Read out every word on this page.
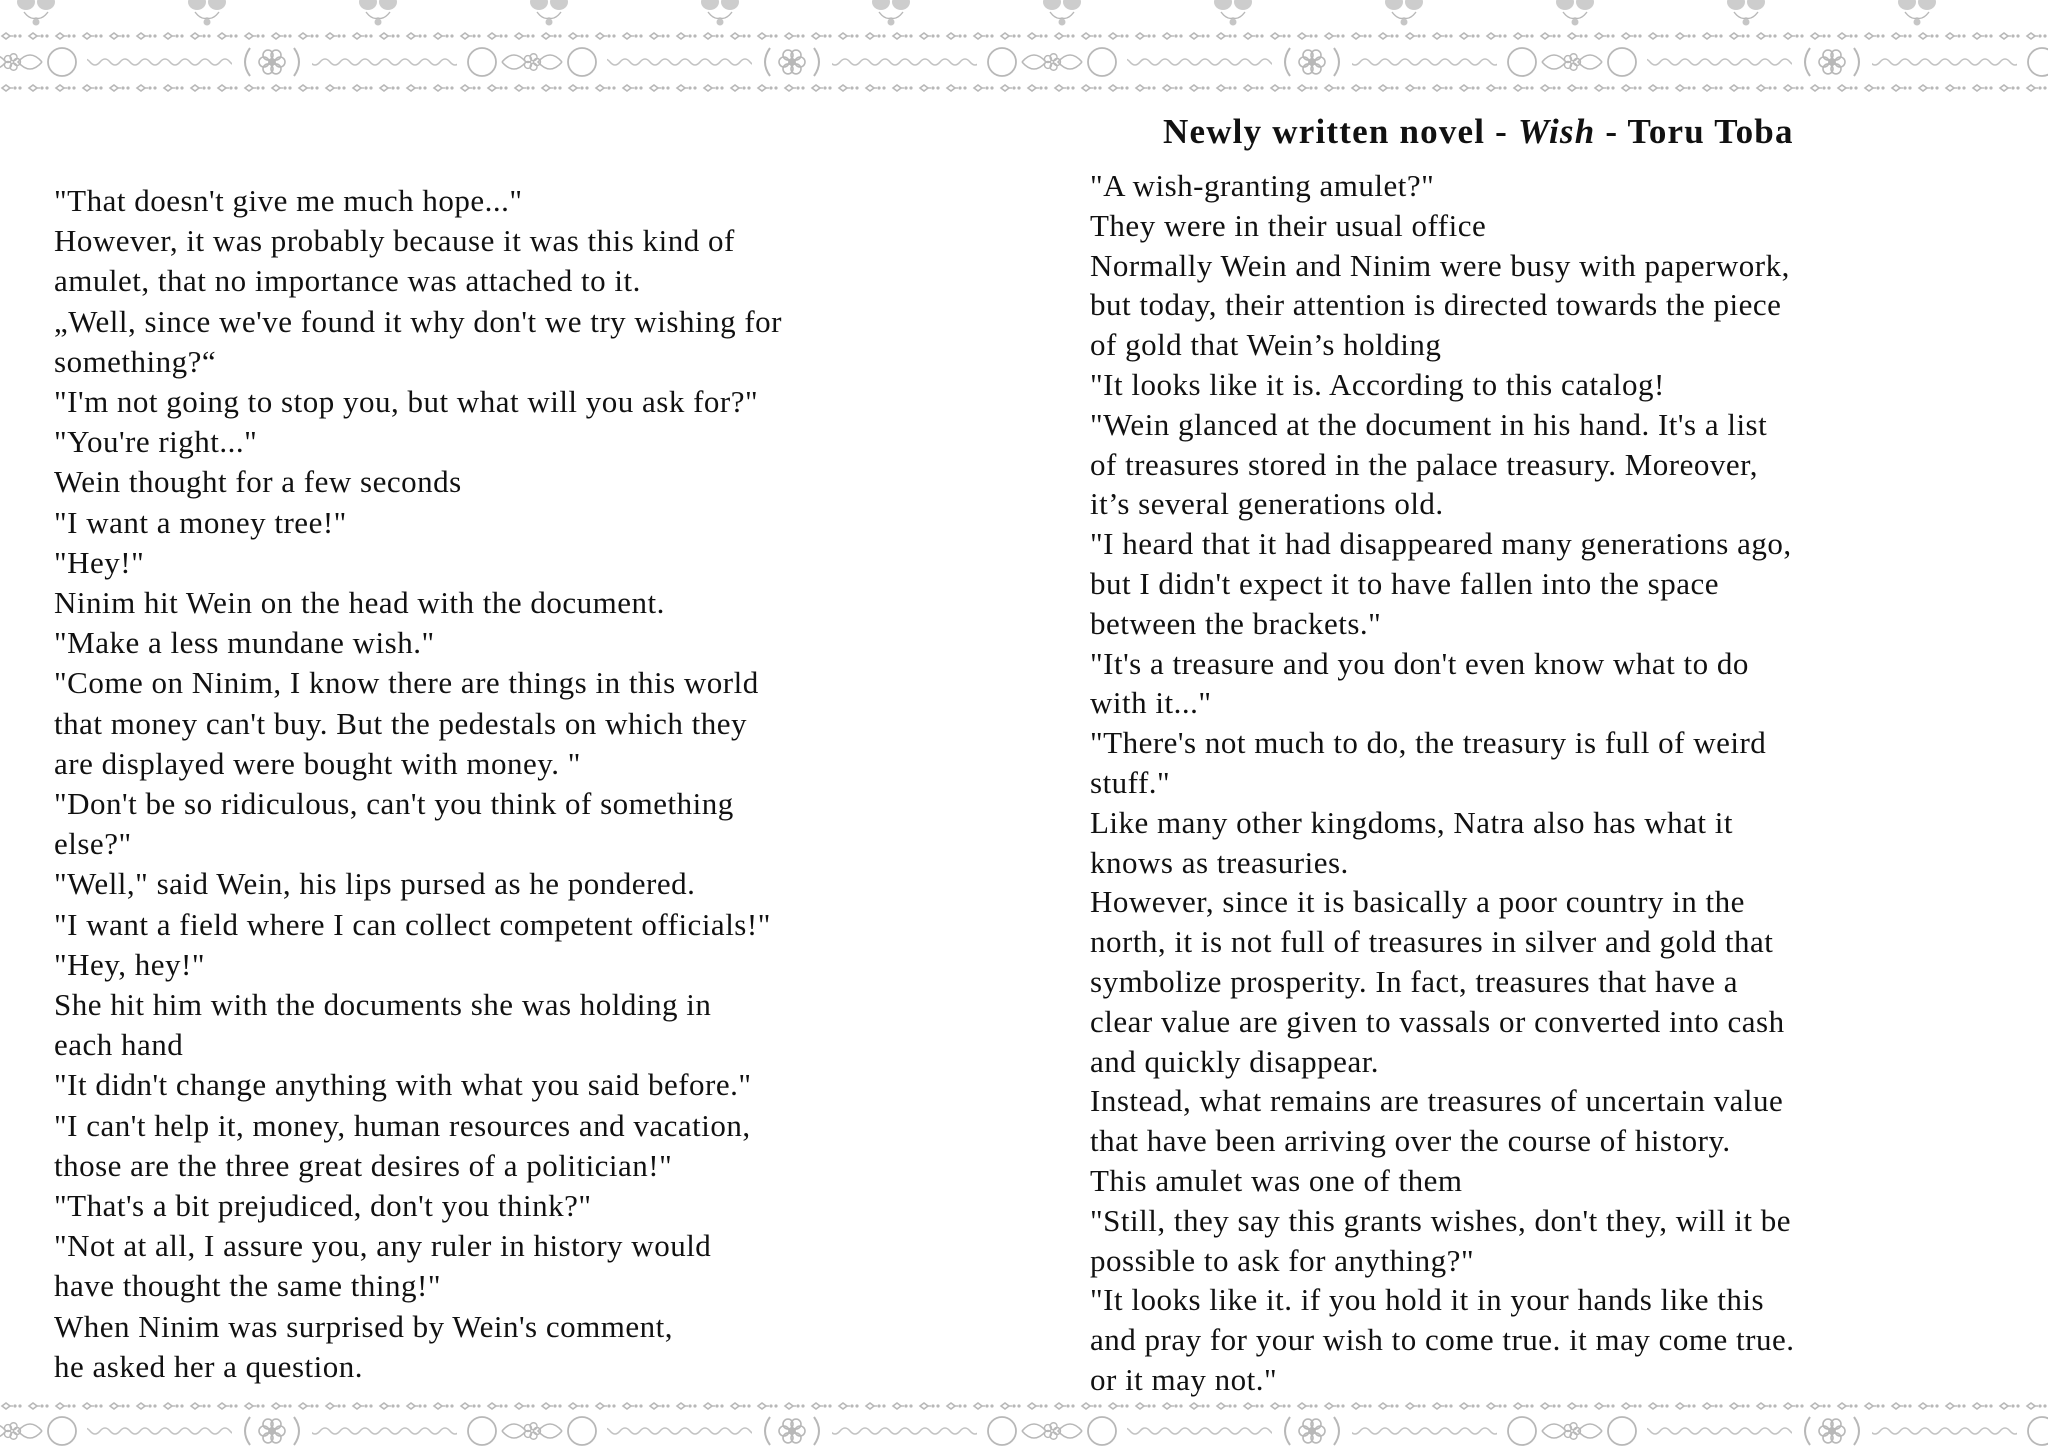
Newly written novel - Wish - Toru Toba
"That doesn't give me much hope..."
However, it was probably because it was this kind of
amulet, that no importance was attached to it.
„Well, since we've found it why don't we try wishing for
something?“
"I'm not going to stop you, but what will you ask for?"
"You're right..."
Wein thought for a few seconds
"I want a money tree!"
"Hey!"
Ninim hit Wein on the head with the document.
"Make a less mundane wish."
"Come on Ninim, I know there are things in this world
that money can't buy. But the pedestals on which they
are displayed were bought with money. "
"Don't be so ridiculous, can't you think of something
else?"
"Well," said Wein, his lips pursed as he pondered.
"I want a field where I can collect competent officials!"
"Hey, hey!"
She hit him with the documents she was holding in
each hand
"It didn't change anything with what you said before."
"I can't help it, money, human resources and vacation,
those are the three great desires of a politician!"
"That's a bit prejudiced, don't you think?"
"Not at all, I assure you, any ruler in history would
have thought the same thing!"
When Ninim was surprised by Wein's comment,
he asked her a question.
"A wish-granting amulet?"
They were in their usual office
Normally Wein and Ninim were busy with paperwork,
but today, their attention is directed towards the piece
of gold that Wein’s holding
"It looks like it is. According to this catalog!
"Wein glanced at the document in his hand. It's a list
of treasures stored in the palace treasury. Moreover,
it’s several generations old.
"I heard that it had disappeared many generations ago,
but I didn't expect it to have fallen into the space
between the brackets."
"It's a treasure and you don't even know what to do
with it..."
"There's not much to do, the treasury is full of weird
stuff."
Like many other kingdoms, Natra also has what it
knows as treasuries.
However, since it is basically a poor country in the
north, it is not full of treasures in silver and gold that
symbolize prosperity. In fact, treasures that have a
clear value are given to vassals or converted into cash
and quickly disappear.
Instead, what remains are treasures of uncertain value
that have been arriving over the course of history.
This amulet was one of them
"Still, they say this grants wishes, don't they, will it be
possible to ask for anything?"
"It looks like it. if you hold it in your hands like this
and pray for your wish to come true. it may come true.
or it may not."
